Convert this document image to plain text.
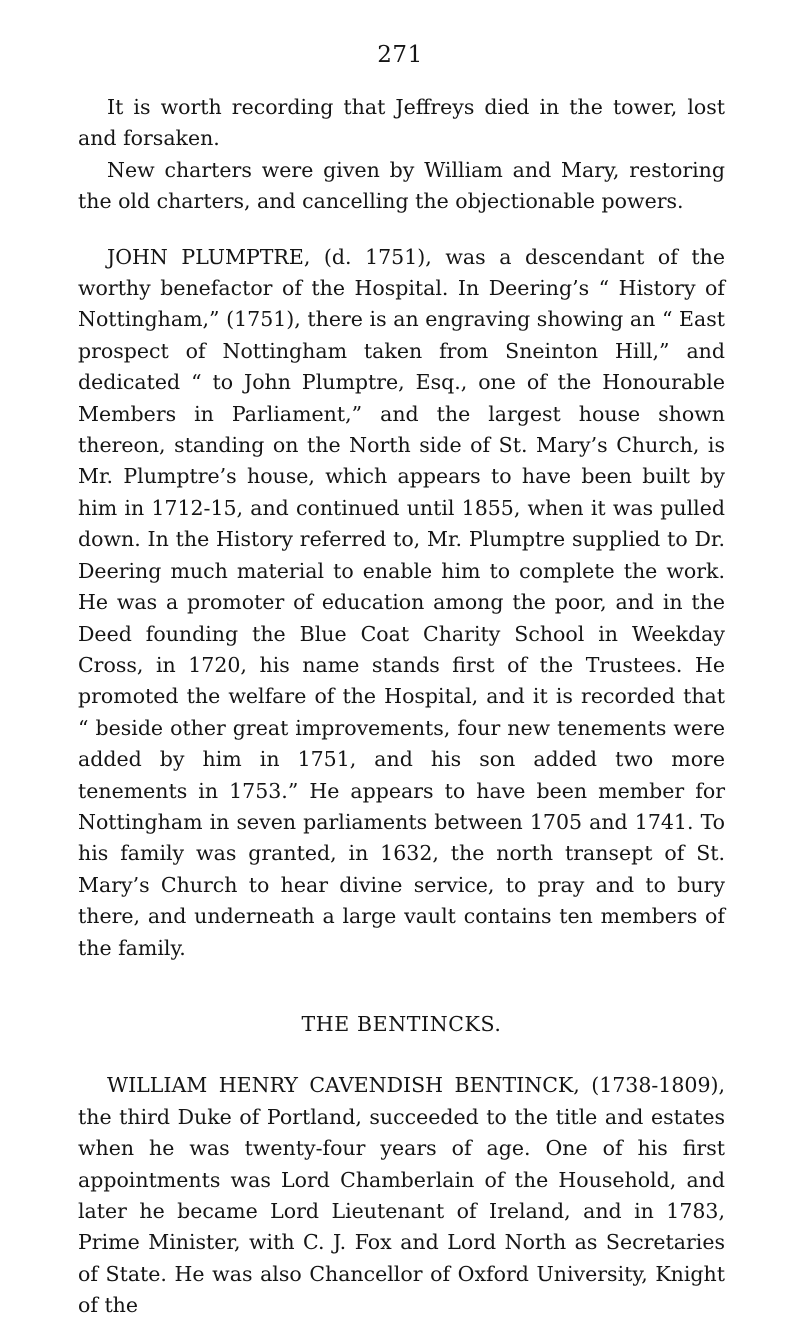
271

It is worth recording that Jeffreys died in the tower, lost and forsaken.

New charters were given by William and Mary, restoring the old charters, and cancelling the objectionable powers.

JOHN PLUMPTRE, (d. 1751), was a descendant of the worthy benefactor of the Hospital. In Deering’s “ History of Nottingham,” (1751), there is an engraving showing an “ East prospect of Nottingham taken from Sneinton Hill,” and dedicated “ to John Plumptre, Esq., one of the Honourable Members in Parliament,” and the largest house shown thereon, standing on the North side of St. Mary’s Church, is Mr. Plumptre’s house, which appears to have been built by him in 1712-15, and continued until 1855, when it was pulled down. In the History referred to, Mr. Plumptre supplied to Dr. Deering much material to enable him to complete the work. He was a promoter of education among the poor, and in the Deed founding the Blue Coat Charity School in Weekday Cross, in 1720, his name stands first of the Trustees. He promoted the welfare of the Hospital, and it is recorded that “ beside other great improvements, four new tenements were added by him in 1751, and his son added two more tenements in 1753.” He appears to have been member for Nottingham in seven parliaments between 1705 and 1741. To his family was granted, in 1632, the north transept of St. Mary’s Church to hear divine service, to pray and to bury there, and underneath a large vault contains ten members of the family.

THE BENTINCKS.

WILLIAM HENRY CAVENDISH BENTINCK, (1738-1809), the third Duke of Portland, succeeded to the title and estates when he was twenty-four years of age. One of his first appointments was Lord Chamberlain of the Household, and later he became Lord Lieutenant of Ireland, and in 1783, Prime Minister, with C. J. Fox and Lord North as Secretaries of State. He was also Chancellor of Oxford University, Knight of the
